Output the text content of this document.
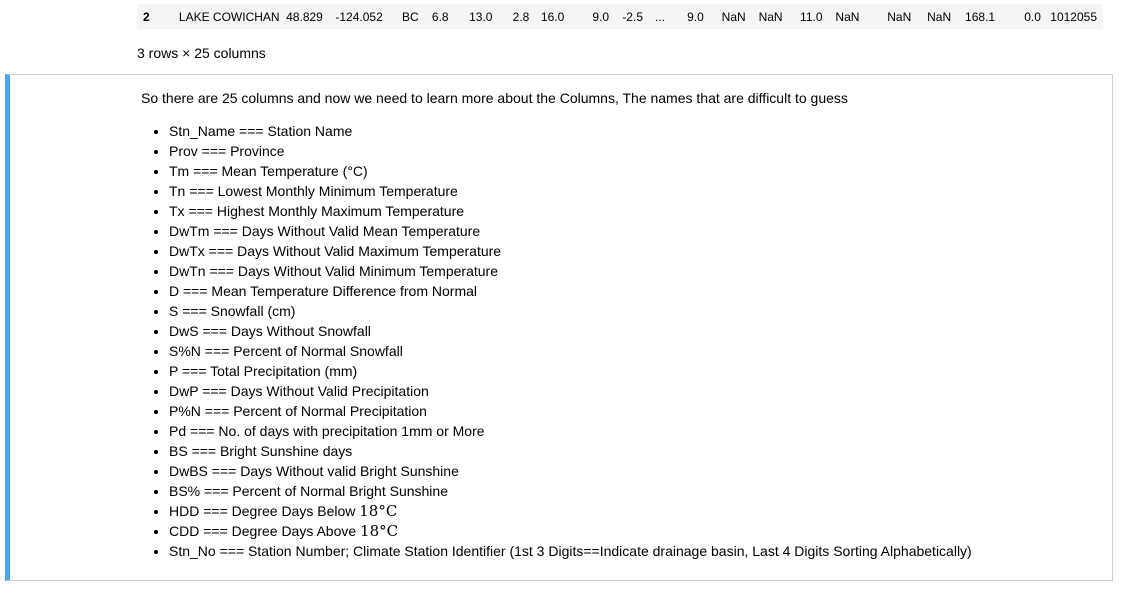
2	LAKE COWICHAN	48.829	-124.052	BC	6.8	13.0	2.8	16.0	9.0	-2.5	...	9.0	NaN	NaN	11.0	NaN	NaN	NaN	168.1	0.0	1012055
3 rows × 25 columns

So there are 25 columns and now we need to learn more about the Columns, The names that are difficult to guess

• Stn_Name === Station Name
• Prov === Province
• Tm === Mean Temperature (°C)
• Tn === Lowest Monthly Minimum Temperature
• Tx === Highest Monthly Maximum Temperature
• DwTm === Days Without Valid Mean Temperature
• DwTx === Days Without Valid Maximum Temperature
• DwTn === Days Without Valid Minimum Temperature
• D === Mean Temperature Difference from Normal
• S === Snowfall (cm)
• DwS === Days Without Snowfall
• S%N === Percent of Normal Snowfall
• P === Total Precipitation (mm)
• DwP === Days Without Valid Precipitation
• P%N === Percent of Normal Precipitation
• Pd === No. of days with precipitation 1mm or More
• BS === Bright Sunshine days
• DwBS === Days Without valid Bright Sunshine
• BS% === Percent of Normal Bright Sunshine
• HDD === Degree Days Below 18°C
• CDD === Degree Days Above 18°C
• Stn_No === Station Number; Climate Station Identifier (1st 3 Digits==Indicate drainage basin, Last 4 Digits Sorting Alphabetically)
